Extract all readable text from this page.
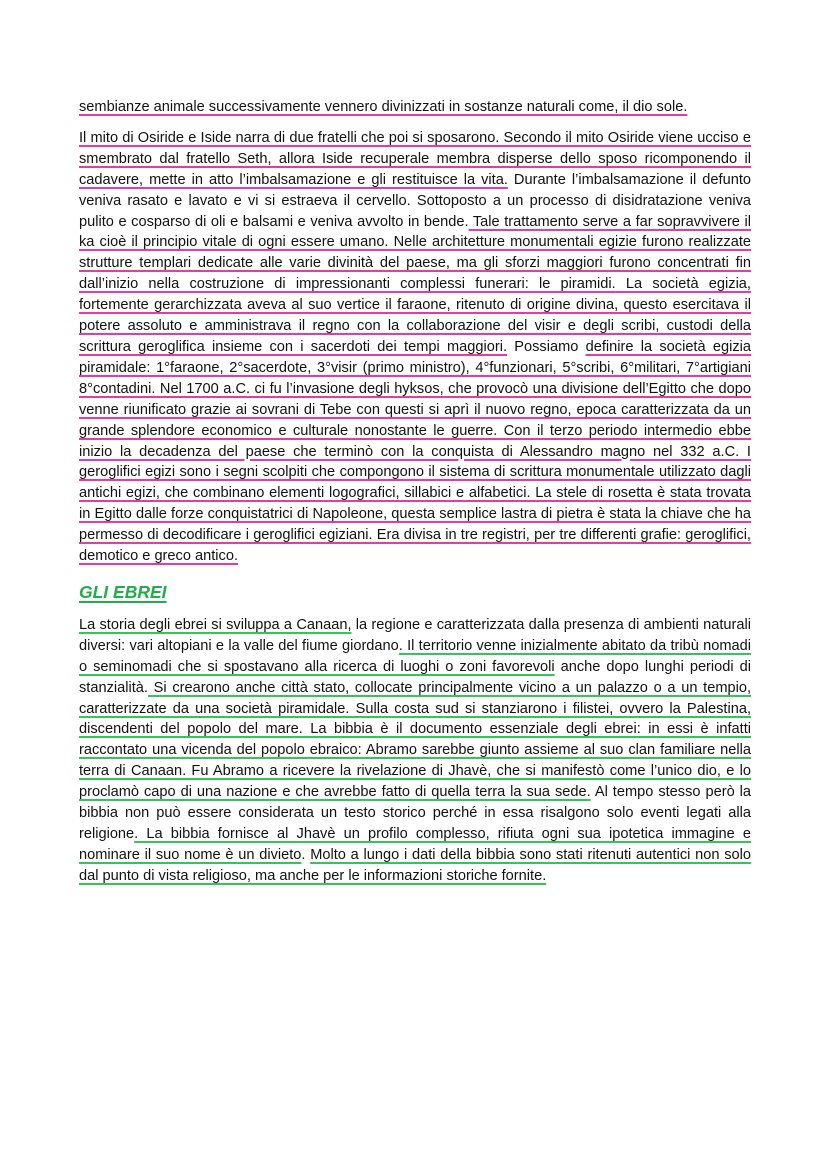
sembianze animale successivamente vennero divinizzati in sostanze naturali come, il dio sole.

Il mito di Osiride e Iside narra di due fratelli che poi si sposarono. Secondo il mito Osiride viene ucciso e smembrato dal fratello Seth, allora Iside recuperale membra disperse dello sposo ricomponendo il cadavere, mette in atto l’imbalsamazione e gli restituisce la vita. Durante l’imbalsamazione il defunto veniva rasato e lavato e vi si estraeva il cervello. Sottoposto a un processo di disidratazione veniva pulito e cosparso di oli e balsami e veniva avvolto in bende. Tale trattamento serve a far sopravvivere il ka cioè il principio vitale di ogni essere umano. Nelle architetture monumentali egizie furono realizzate strutture templari dedicate alle varie divinità del paese, ma gli sforzi maggiori furono concentrati fin dall’inizio nella costruzione di impressionanti complessi funerari: le piramidi. La società egizia, fortemente gerarchizzata aveva al suo vertice il faraone, ritenuto di origine divina, questo esercitava il potere assoluto e amministrava il regno con la collaborazione del visir e degli scribi, custodi della scrittura geroglifica insieme con i sacerdoti dei tempi maggiori. Possiamo definire la società egizia piramidale: 1°faraone, 2°sacerdote, 3°visir (primo ministro), 4°funzionari, 5°scribi, 6°militari, 7°artigiani 8°contadini. Nel 1700 a.C. ci fu l’invasione degli hyksos, che provocò una divisione dell’Egitto che dopo venne riunificato grazie ai sovrani di Tebe con questi si aprì il nuovo regno, epoca caratterizzata da un grande splendore economico e culturale nonostante le guerre. Con il terzo periodo intermedio ebbe inizio la decadenza del paese che terminò con la conquista di Alessandro magno nel 332 a.C. I geroglifici egizi sono i segni scolpiti che compongono il sistema di scrittura monumentale utilizzato dagli antichi egizi, che combinano elementi logografici, sillabici e alfabetici. La stele di rosetta è stata trovata in Egitto dalle forze conquistatrici di Napoleone, questa semplice lastra di pietra è stata la chiave che ha permesso di decodificare i geroglifici egiziani. Era divisa in tre registri, per tre differenti grafie: geroglifici, demotico e greco antico.

GLI EBREI

La storia degli ebrei si sviluppa a Canaan, la regione e caratterizzata dalla presenza di ambienti naturali diversi: vari altopiani e la valle del fiume giordano. Il territorio venne inizialmente abitato da tribù nomadi o seminomadi che si spostavano alla ricerca di luoghi o zoni favorevoli anche dopo lunghi periodi di stanzialità. Si crearono anche città stato, collocate principalmente vicino a un palazzo o a un tempio, caratterizzate da una società piramidale. Sulla costa sud si stanziarono i filistei, ovvero la Palestina, discendenti del popolo del mare. La bibbia è il documento essenziale degli ebrei: in essi è infatti raccontato una vicenda del popolo ebraico: Abramo sarebbe giunto assieme al suo clan familiare nella terra di Canaan. Fu Abramo a ricevere la rivelazione di Jhavè, che si manifestò come l’unico dio, e lo proclamò capo di una nazione e che avrebbe fatto di quella terra la sua sede. Al tempo stesso però la bibbia non può essere considerata un testo storico perché in essa risalgono solo eventi legati alla religione. La bibbia fornisce al Jhavè un profilo complesso, rifiuta ogni sua ipotetica immagine e nominare il suo nome è un divieto. Molto a lungo i dati della bibbia sono stati ritenuti autentici non solo dal punto di vista religioso, ma anche per le informazioni storiche fornite.
